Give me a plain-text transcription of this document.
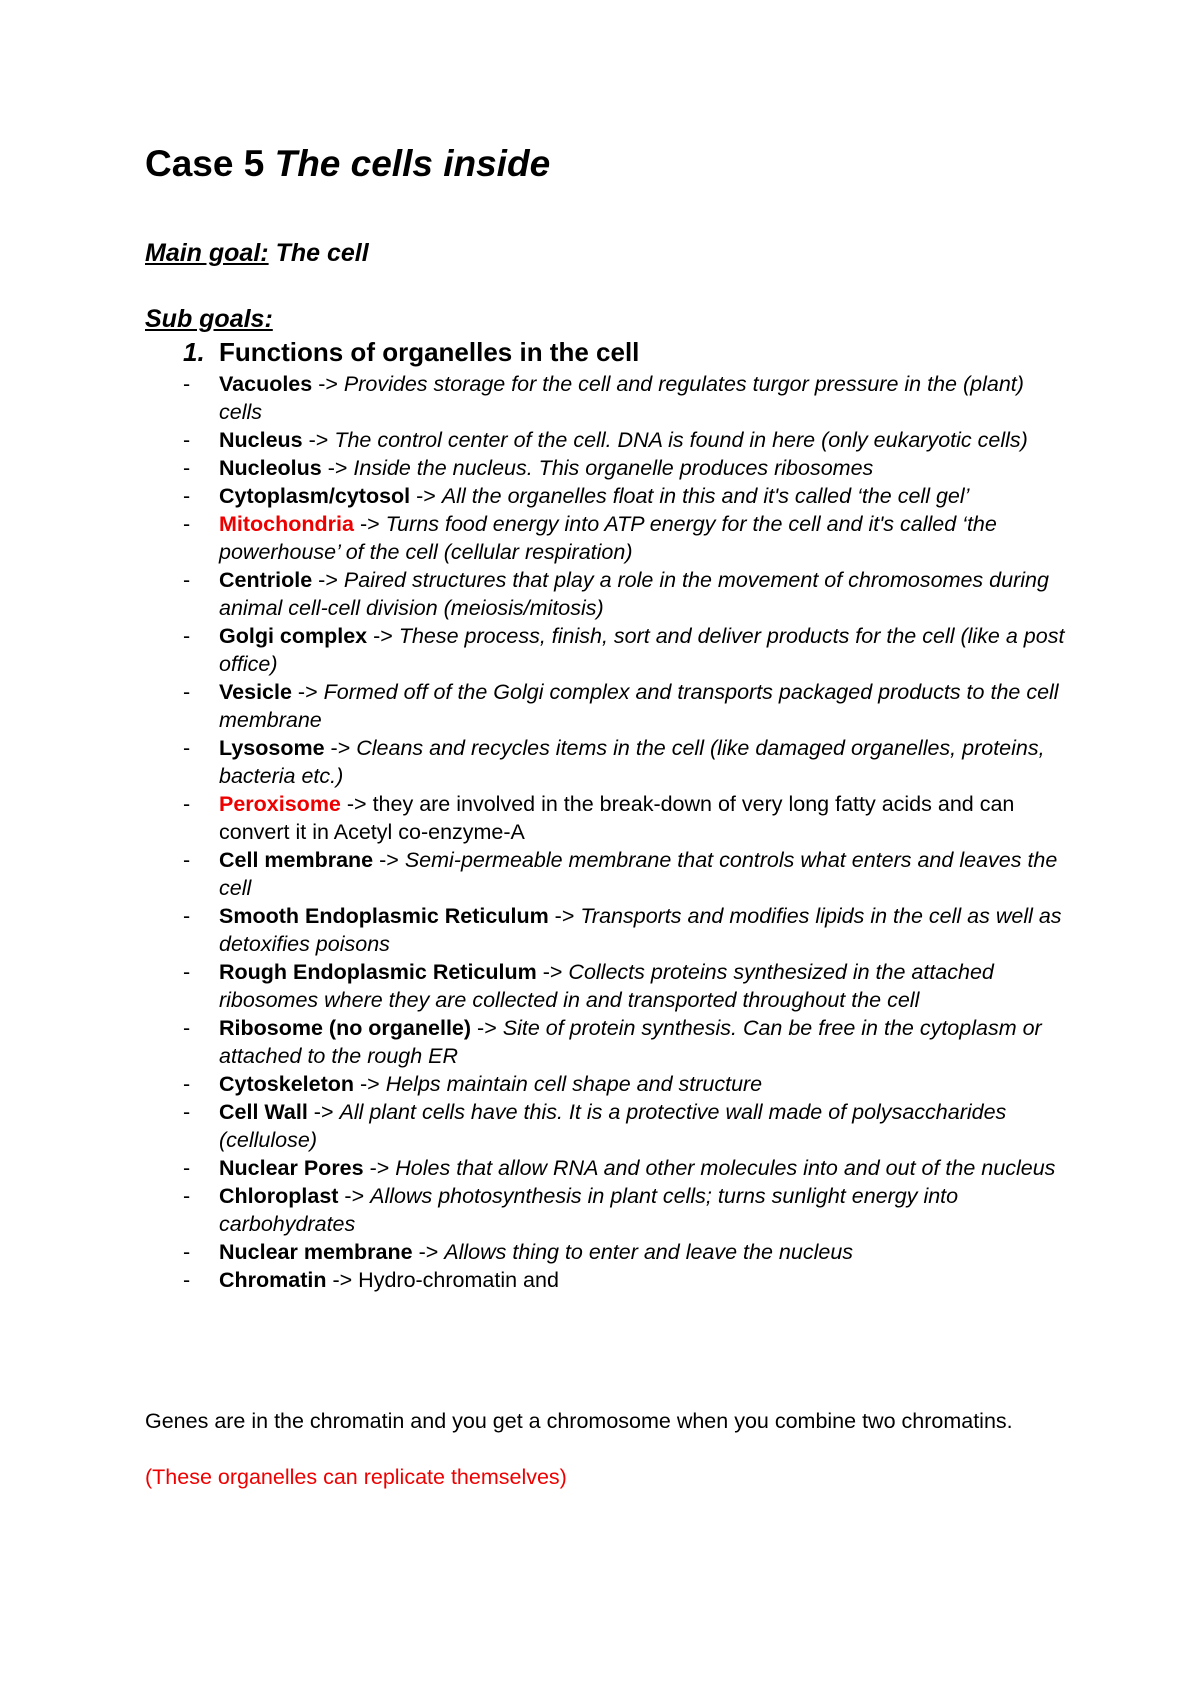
Case 5 The cells inside

Main goal: The cell

Sub goals:

1. Functions of organelles in the cell
- Vacuoles -> Provides storage for the cell and regulates turgor pressure in the (plant) cells
- Nucleus -> The control center of the cell. DNA is found in here (only eukaryotic cells)
- Nucleolus -> Inside the nucleus. This organelle produces ribosomes
- Cytoplasm/cytosol -> All the organelles float in this and it's called ‘the cell gel’
- Mitochondria -> Turns food energy into ATP energy for the cell and it's called ‘the powerhouse’ of the cell (cellular respiration)
- Centriole -> Paired structures that play a role in the movement of chromosomes during animal cell-cell division (meiosis/mitosis)
- Golgi complex -> These process, finish, sort and deliver products for the cell (like a post office)
- Vesicle -> Formed off of the Golgi complex and transports packaged products to the cell membrane
- Lysosome -> Cleans and recycles items in the cell (like damaged organelles, proteins, bacteria etc.)
- Peroxisome -> they are involved in the break-down of very long fatty acids and can convert it in Acetyl co-enzyme-A
- Cell membrane -> Semi-permeable membrane that controls what enters and leaves the cell
- Smooth Endoplasmic Reticulum -> Transports and modifies lipids in the cell as well as detoxifies poisons
- Rough Endoplasmic Reticulum -> Collects proteins synthesized in the attached ribosomes where they are collected in and transported throughout the cell
- Ribosome (no organelle) -> Site of protein synthesis. Can be free in the cytoplasm or attached to the rough ER
- Cytoskeleton -> Helps maintain cell shape and structure
- Cell Wall -> All plant cells have this. It is a protective wall made of polysaccharides (cellulose)
- Nuclear Pores -> Holes that allow RNA and other molecules into and out of the nucleus
- Chloroplast -> Allows photosynthesis in plant cells; turns sunlight energy into carbohydrates
- Nuclear membrane -> Allows thing to enter and leave the nucleus
- Chromatin -> Hydro-chromatin and

Genes are in the chromatin and you get a chromosome when you combine two chromatins.

(These organelles can replicate themselves)
